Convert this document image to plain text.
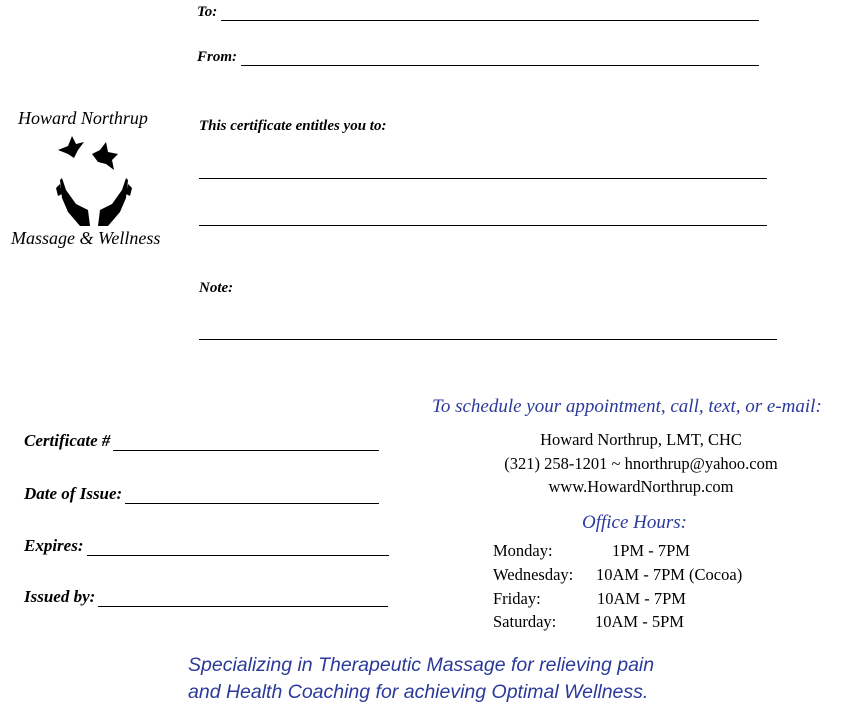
To:
From:
This certificate entitles you to:
Note:
Howard Northrup
Massage & Wellness
Certificate #
Date of Issue:
Expires:
Issued by:
To schedule your appointment, call, text, or e-mail:
Howard Northrup, LMT, CHC
(321) 258-1201 ~ hnorthrup@yahoo.com
www.HowardNorthrup.com
Office Hours:
Monday:	1PM - 7PM
Wednesday: 10AM - 7PM (Cocoa)
Friday:	10AM - 7PM
Saturday: 10AM - 5PM
Specializing in Therapeutic Massage for relieving pain
and Health Coaching for achieving Optimal Wellness.
